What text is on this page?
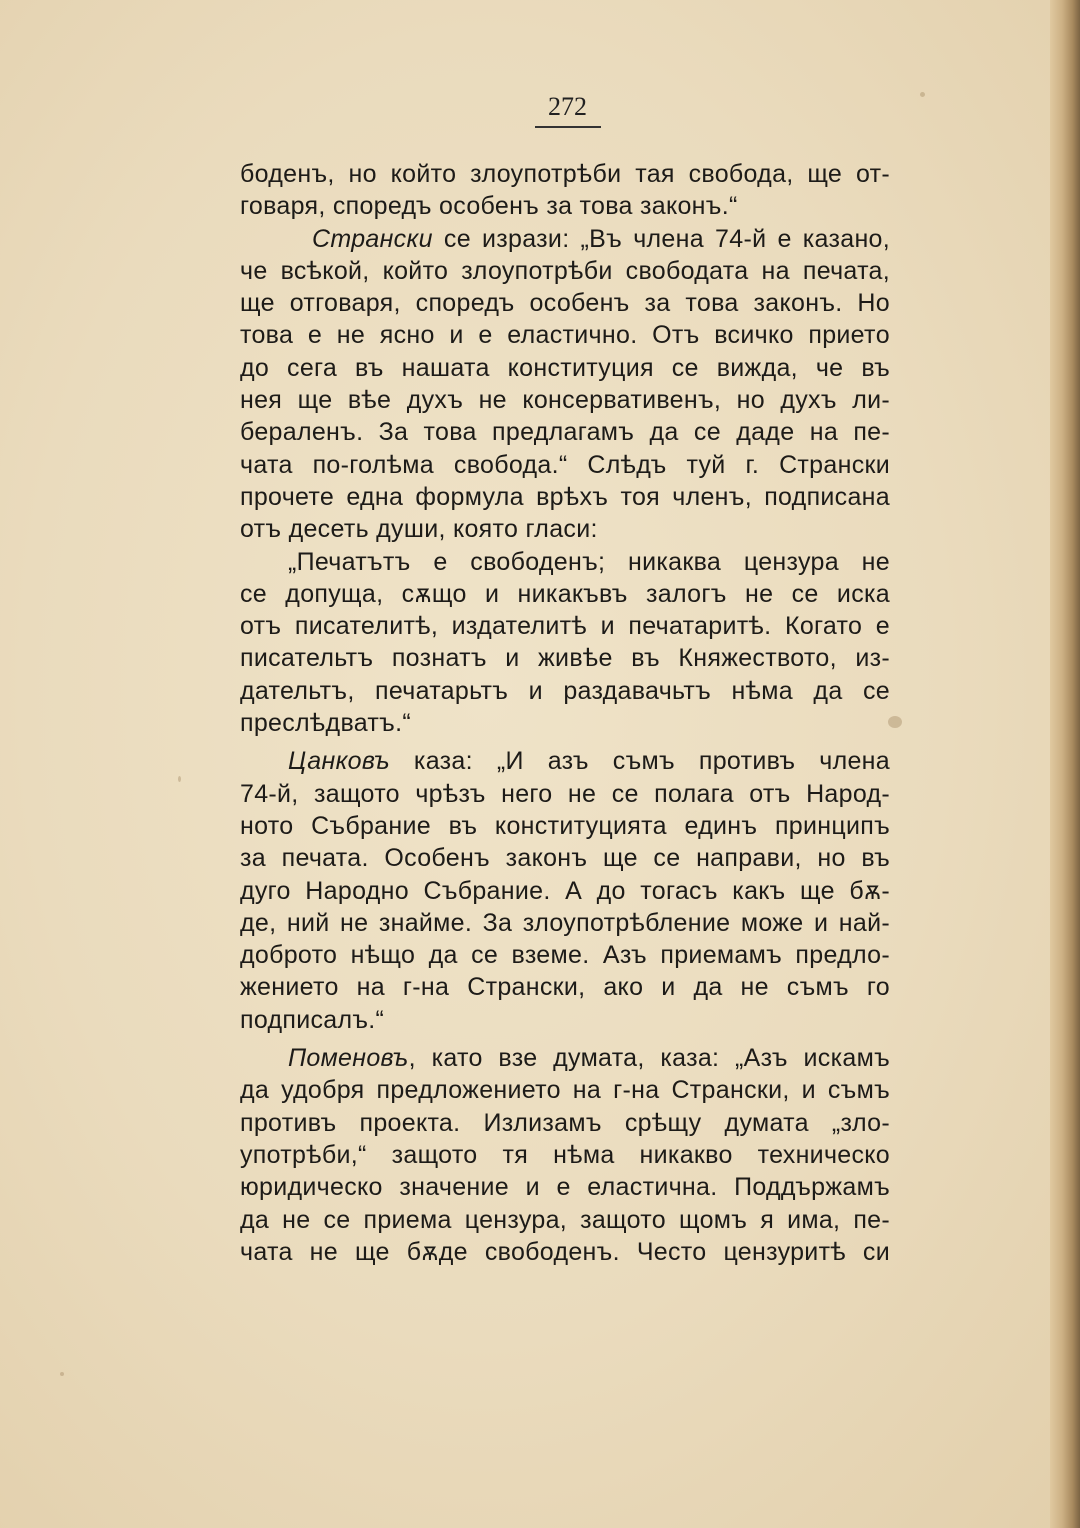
272
боденъ, но който злоупотрѣби тая свобода, ще от-
говаря, споредъ особенъ за това законъ.“
Странски се изрази: „Въ члена 74-й е казано,
че всѣкой, който злоупотрѣби свободата на печата,
ще отговаря, споредъ особенъ за това законъ. Но
това е не ясно и е еластично. Отъ всичко приетo
до сега въ нашата конституция се вижда, че въ
нея ще вѣе духъ не консервативенъ, но духъ ли-
бераленъ. За това предлагамъ да се даде на пе-
чата по-голѣма свобода.“ Слѣдъ туй г. Странски
прочете една формула врѣхъ тоя членъ, подписана
отъ десеть души, която гласи:
„Печатътъ е свободенъ; никаква цензура не
се допуща, сѫщо и никакъвъ залогъ не се иска
отъ писателитѣ, издателитѣ и печатаритѣ. Когато е
писательтъ познатъ и живѣе въ Княжеството, из-
дательтъ, печатарьтъ и раздавачьтъ нѣма да се
преслѣдватъ.“
Цанковъ каза: „И азъ съмъ противъ члена
74-й, защото чрѣзъ него не се полага отъ Народ-
ното Събрание въ конституцията единъ принципъ
за печата. Особенъ законъ ще се направи, но въ
дуго Народно Събрание. А до тогасъ какъ ще бѫ-
де, ний не знайме. За злоупотрѣбление може и най-
доброто нѣщо да се вземе. Азъ приемамъ предло-
жението на г-на Странски, ако и да не съмъ го
подписалъ.“
Поменовъ, като взе думата, каза: „Азъ искамъ
да удобря предложението на г-на Странски, и съмъ
противъ проекта. Излизамъ срѣщу думата „зло-
употрѣби,“ защото тя нѣма никакво техническо
юридическо значение и е еластична. Поддържамъ
да не се приема цензура, защото щомъ я има, пе-
чата не ще бѫде свободенъ. Често цензуритѣ си
